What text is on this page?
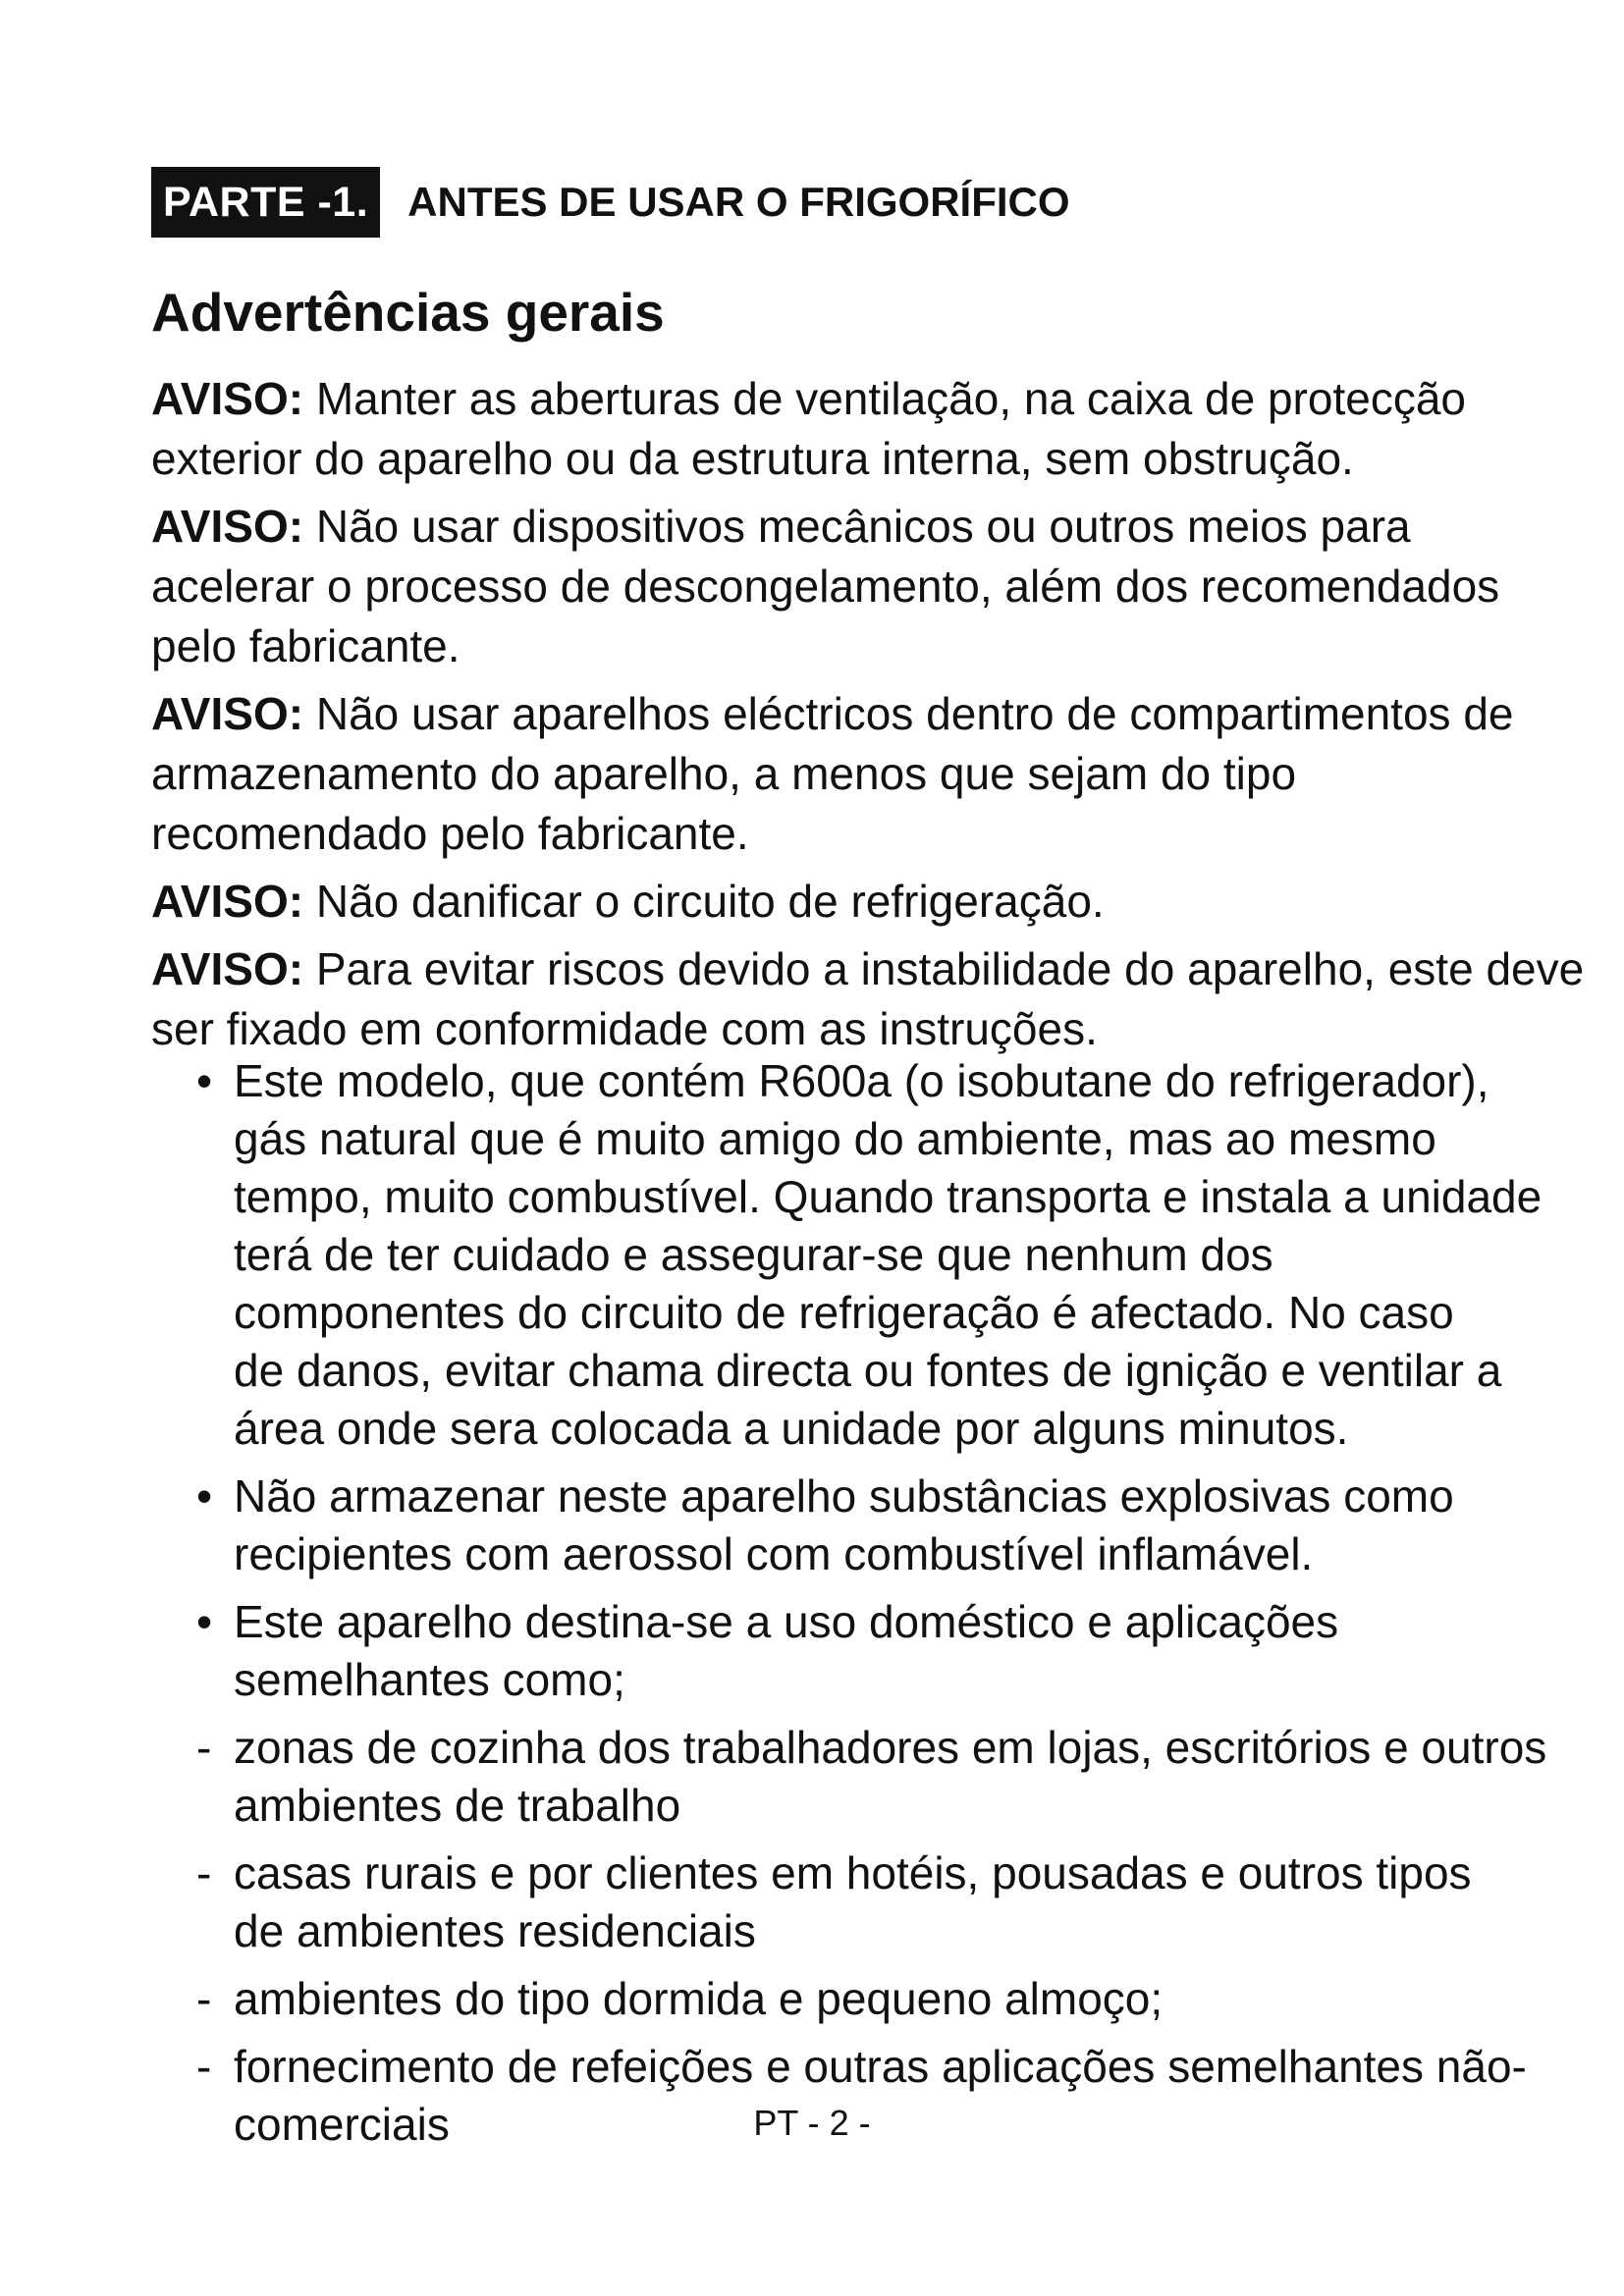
PARTE -1. ANTES DE USAR O FRIGORÍFICO
Advertências gerais

AVISO: Manter as aberturas de ventilação, na caixa de protecção exterior do aparelho ou da estrutura interna, sem obstrução.

AVISO: Não usar dispositivos mecânicos ou outros meios para acelerar o processo de descongelamento, além dos recomendados pelo fabricante.

AVISO: Não usar aparelhos eléctricos dentro de compartimentos de armazenamento do aparelho, a menos que sejam do tipo recomendado pelo fabricante.

AVISO: Não danificar o circuito de refrigeração.

AVISO: Para evitar riscos devido a instabilidade do aparelho, este deve ser fixado em conformidade com as instruções.

• Este modelo, que contém R600a (o isobutane do refrigerador),
gás natural que é muito amigo do ambiente, mas ao mesmo
tempo, muito combustível. Quando transporta e instala a unidade
terá de ter cuidado e assegurar-se que nenhum dos
componentes do circuito de refrigeração é afectado. No caso
de danos, evitar chama directa ou fontes de ignição e ventilar a
área onde sera colocada a unidade por alguns minutos.
• Não armazenar neste aparelho substâncias explosivas como
recipientes com aerossol com combustível inflamável.
• Este aparelho destina-se a uso doméstico e aplicações
semelhantes como;
- zonas de cozinha dos trabalhadores em lojas, escritórios e outros
ambientes de trabalho
- casas rurais e por clientes em hotéis, pousadas e outros tipos
de ambientes residenciais
- ambientes do tipo dormida e pequeno almoço;
- fornecimento de refeições e outras aplicações semelhantes não-
comerciais	PT - 2 -
